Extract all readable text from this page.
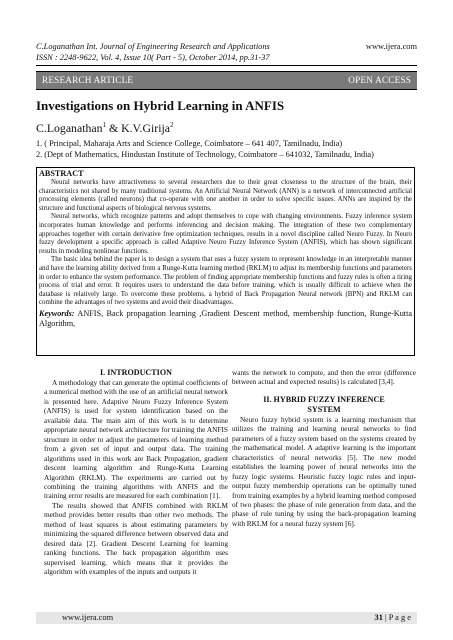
C.Loganathan Int. Journal of Engineering Research and Applications
ISSN : 2248-9622, Vol. 4, Issue 10( Part - 5), October 2014, pp.31-37
www.ijera.com
RESEARCH ARTICLE	OPEN ACCESS
Investigations on Hybrid Learning in ANFIS
C.Loganathan$^1$ & K.V.Girija$^2$
1. ( Principal, Maharaja Arts and Science College, Coimbatore – 641 407, Tamilnadu, India)
2. (Dept of Mathematics, Hindustan Institute of Technology, Coimbatore – 641032, Tamilnadu, India)
ABSTRACT

Neural networks have attractiveness to several researchers due to their great closeness to the structure of the brain, their characteristics not shared by many traditional systems. An Artificial Neural Network (ANN) is a network of interconnected artificial processing elements (called neurons) that co-operate with one another in order to solve specific issues. ANNs are inspired by the structure and functional aspects of biological nervous systems.

Neural networks, which recognize patterns and adopt themselves to cope with changing environments. Fuzzy inference system incorporates human knowledge and performs inferencing and decision making. The integration of these two complementary approaches together with certain derivative free optimization techniques, results in a novel discipline called Neuro Fuzzy. In Neuro fuzzy development a specific approach is called Adaptive Neuro Fuzzy Inference System (ANFIS), which has shown significant results in modeling nonlinear functions.

The basic idea behind the paper is to design a system that uses a fuzzy system to represent knowledge in an interpretable manner and have the learning ability derived from a Runge-Kutta learning method (RKLM) to adjust its membership functions and parameters in order to enhance the system performance. The problem of finding appropriate membership functions and fuzzy rules is often a tiring process of trial and error. It requires users to understand the data before training, which is usually difficult to achieve when the database is relatively large. To overcome these problems, a hybrid of Back Propagation Neural network (BPN) and RKLM can combine the advantages of two systems and avoid their disadvantages.

Keywords: ANFIS, Back propagation learning ,Gradient Descent method, membership function, Runge-Kutta Algorithm,
I. INTRODUCTION

A methodology that can generate the optimal coefficients of a numerical method with the use of an artificial neural network is presented here. Adaptive Neuro Fuzzy Inference System (ANFIS) is used for system identification based on the available data. The main aim of this work is to determine appropriate neural network architecture for training the ANFIS structure in order to adjust the parameters of learning method from a given set of input and output data. The training algorithms used in this work are Back Propagation, gradient descent learning algorithm and Runge-Kutta Learning Algorithm (RKLM). The experiments are carried out by combining the training algorithms with ANFIS and the training error results are measured for each combination [1].

The results showed that ANFIS combined with RKLM method provides better results than other two methods. The method of least squares is about estimating parameters by minimizing the squared difference between observed data and desired data [2]. Gradient Descent Learning for learning ranking functions. The back propagation algorithm uses supervised learning, which means that it provides the algorithm with examples of the inputs and outputs it

wants the network to compute, and then the error (difference between actual and expected results) is calculated [3,4].

II. HYBRID FUZZY INFERENCE
SYSTEM

Neuro fuzzy hybrid system is a learning mechanism that utilizes the training and learning neural networks to find parameters of a fuzzy system based on the systems created by the mathematical model. A adaptive learning is the important characteristics of neural networks [5]. The new model establishes the learning power of neural networks into the fuzzy logic systems. Heuristic fuzzy logic rules and input-output fuzzy membership operations can be optimally tuned from training examples by a hybrid learning method composed of two phases: the phase of rule generation from data, and the phase of rule tuning by using the back-propagation learning with RKLM for a neural fuzzy system [6].

www.ijera.com	31 | P a g e
